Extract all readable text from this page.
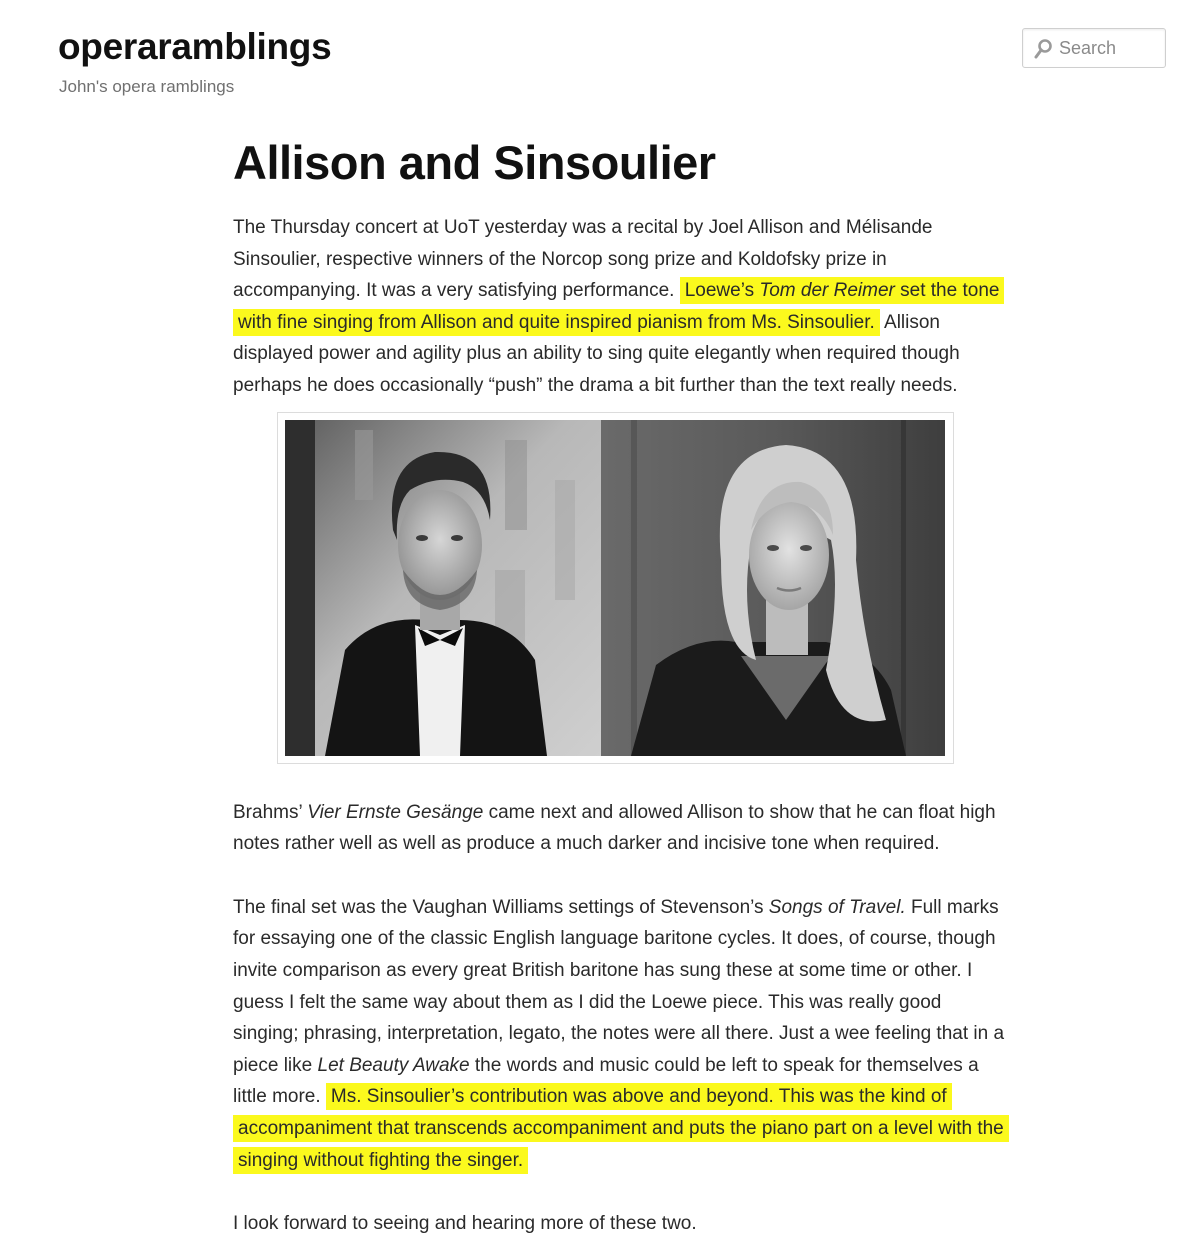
operaramblings
John's opera ramblings
Search
Allison and Sinsoulier

The Thursday concert at UoT yesterday was a recital by Joel Allison and Mélisande Sinsoulier, respective winners of the Norcop song prize and Koldofsky prize in accompanying. It was a very satisfying performance. Loewe’s Tom der Reimer set the tone with fine singing from Allison and quite inspired pianism from Ms. Sinsoulier. Allison displayed power and agility plus an ability to sing quite elegantly when required though perhaps he does occasionally “push” the drama a bit further than the text really needs.

Brahms’ Vier Ernste Gesänge came next and allowed Allison to show that he can float high notes rather well as well as produce a much darker and incisive tone when required.

The final set was the Vaughan Williams settings of Stevenson’s Songs of Travel. Full marks for essaying one of the classic English language baritone cycles. It does, of course, though invite comparison as every great British baritone has sung these at some time or other. I guess I felt the same way about them as I did the Loewe piece. This was really good singing; phrasing, interpretation, legato, the notes were all there. Just a wee feeling that in a piece like Let Beauty Awake the words and music could be left to speak for themselves a little more. Ms. Sinsoulier’s contribution was above and beyond. This was the kind of accompaniment that transcends accompaniment and puts the piano part on a level with the singing without fighting the singer.

I look forward to seeing and hearing more of these two.
